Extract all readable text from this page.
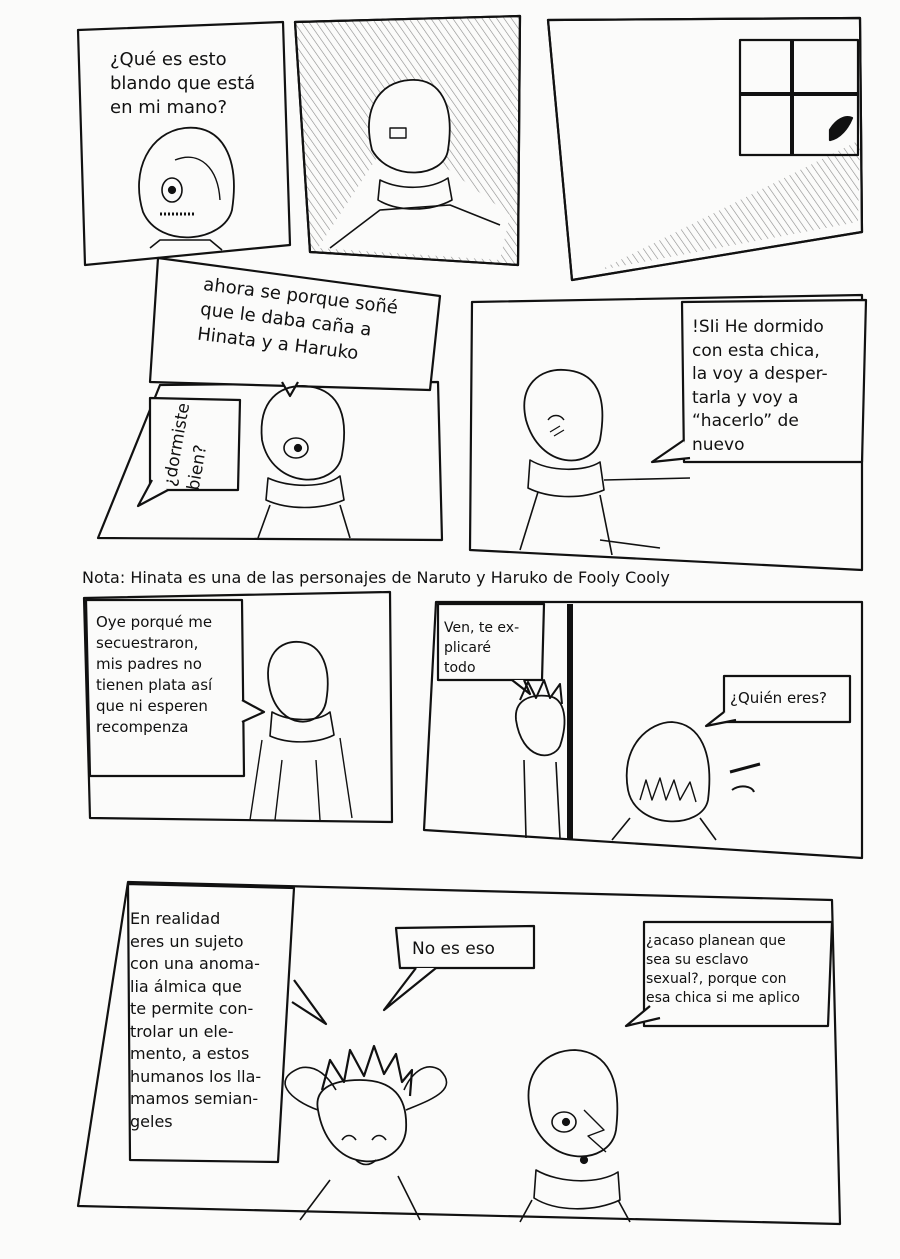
¿Qué es esto
blando que está
en mi mano?
ahora se porque soñé
que le daba caña a
Hinata y a Haruko
¿dormiste
bien?
!SIi He dormido
con esta chica,
la voy a desper-
tarla y voy a
“hacerlo” de
nuevo
Nota: Hinata es una de las personajes de Naruto y Haruko de Fooly Cooly
Oye porqué me
secuestraron,
mis padres no
tienen plata así
que ni esperen
recompenza
Ven, te ex-
plicaré
todo
¿Quién eres?
En realidad
eres un sujeto
con una anoma-
lia álmica que
te permite con-
trolar un ele-
mento, a estos
humanos los lla-
mamos semian-
geles
No es eso	¿acaso planean que
sea su esclavo
sexual?, porque con
esa chica si me aplico
